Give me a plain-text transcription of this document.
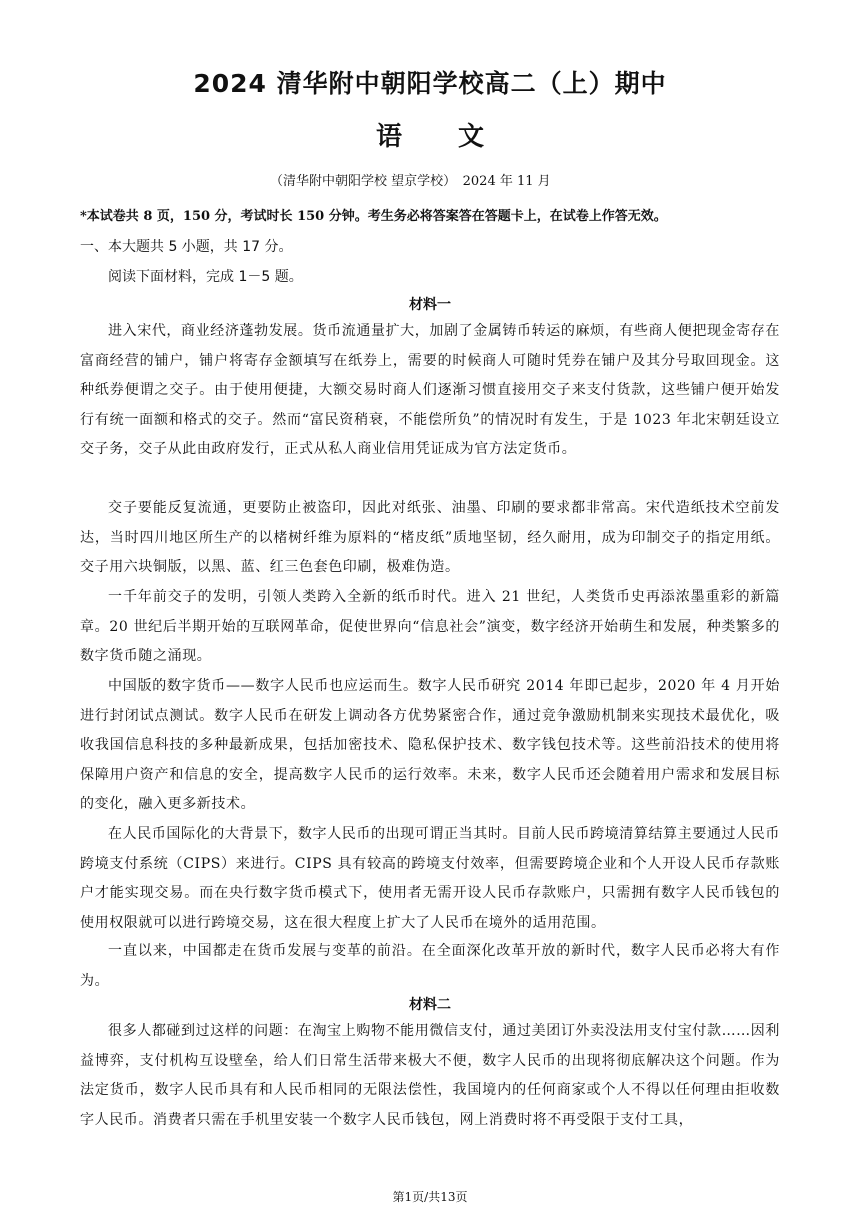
2024 清华附中朝阳学校高二（上）期中
语 文
（清华附中朝阳学校 望京学校）　2024 年 11 月
*本试卷共 8 页，150 分，考试时长 150 分钟。考生务必将答案答在答题卡上，在试卷上作答无效。
一、本大题共 5 小题，共 17 分。
阅读下面材料，完成 1－5 题。
材料一
进入宋代，商业经济蓬勃发展。货币流通量扩大，加剧了金属铸币转运的麻烦，有些商人便把现金寄存在富商经营的铺户，铺户将寄存金额填写在纸券上，需要的时候商人可随时凭券在铺户及其分号取回现金。这种纸券便谓之交子。由于使用便捷，大额交易时商人们逐渐习惯直接用交子来支付货款，这些铺户便开始发行有统一面额和格式的交子。然而“富民资稍衰，不能偿所负”的情况时有发生，于是 1023 年北宋朝廷设立交子务，交子从此由政府发行，正式从私人商业信用凭证成为官方法定货币。
交子要能反复流通，更要防止被盗印，因此对纸张、油墨、印刷的要求都非常高。宋代造纸技术空前发达，当时四川地区所生产的以楮树纤维为原料的“楮皮纸”质地坚韧，经久耐用，成为印制交子的指定用纸。交子用六块铜版，以黑、蓝、红三色套色印刷，极难伪造。
一千年前交子的发明，引领人类跨入全新的纸币时代。进入 21 世纪，人类货币史再添浓墨重彩的新篇章。20 世纪后半期开始的互联网革命，促使世界向“信息社会”演变，数字经济开始萌生和发展，种类繁多的数字货币随之涌现。
中国版的数字货币——数字人民币也应运而生。数字人民币研究 2014 年即已起步，2020 年 4 月开始进行封闭试点测试。数字人民币在研发上调动各方优势紧密合作，通过竞争激励机制来实现技术最优化，吸收我国信息科技的多种最新成果，包括加密技术、隐私保护技术、数字钱包技术等。这些前沿技术的使用将保障用户资产和信息的安全，提高数字人民币的运行效率。未来，数字人民币还会随着用户需求和发展目标的变化，融入更多新技术。
在人民币国际化的大背景下，数字人民币的出现可谓正当其时。目前人民币跨境清算结算主要通过人民币跨境支付系统（CIPS）来进行。CIPS 具有较高的跨境支付效率，但需要跨境企业和个人开设人民币存款账户才能实现交易。而在央行数字货币模式下，使用者无需开设人民币存款账户，只需拥有数字人民币钱包的使用权限就可以进行跨境交易，这在很大程度上扩大了人民币在境外的适用范围。
一直以来，中国都走在货币发展与变革的前沿。在全面深化改革开放的新时代，数字人民币必将大有作为。
材料二
很多人都碰到过这样的问题：在淘宝上购物不能用微信支付，通过美团订外卖没法用支付宝付款……因利益博弈，支付机构互设壁垒，给人们日常生活带来极大不便，数字人民币的出现将彻底解决这个问题。作为法定货币，数字人民币具有和人民币相同的无限法偿性，我国境内的任何商家或个人不得以任何理由拒收数字人民币。消费者只需在手机里安装一个数字人民币钱包，网上消费时将不再受限于支付工具，
第1页/共13页
